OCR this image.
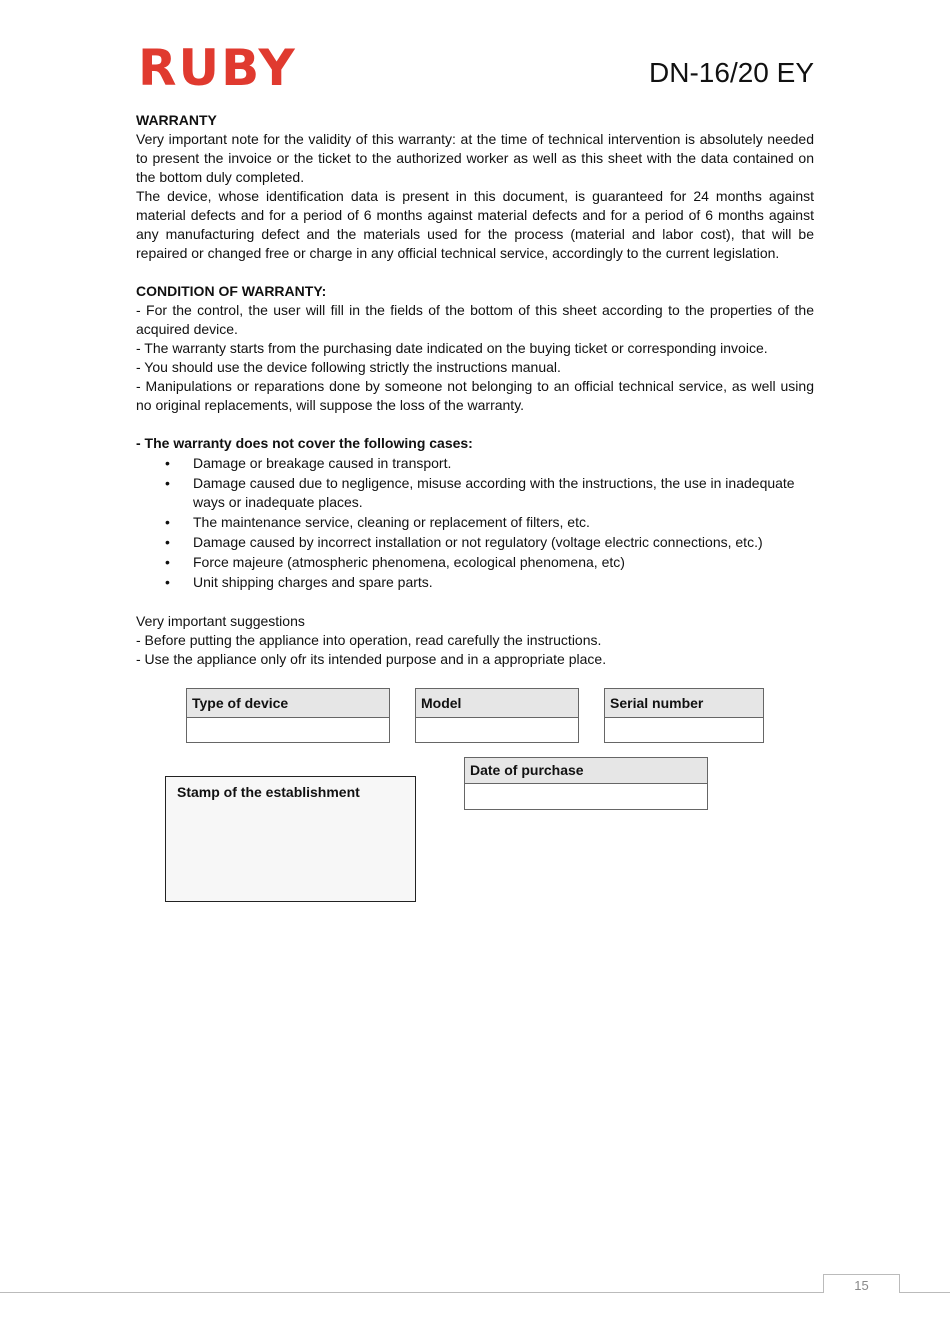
RUBY	DN-16/20 EY

WARRANTY

Very important note for the validity of this warranty: at the time of technical intervention is absolutely needed to present the invoice or the ticket to the authorized worker as well as this sheet with the data contained on the bottom duly completed.

The device, whose identification data is present in this document, is guaranteed for 24 months against material defects and for a period of 6 months against material defects and for a period of 6 months against any manufacturing defect and the materials used for the process (material and labor cost), that will be repaired or changed free or charge in any official technical service, accordingly to the current legislation.

CONDITION OF WARRANTY:

- For the control, the user will fill in the fields of the bottom of this sheet according to the properties of the acquired device.

- The warranty starts from the purchasing date indicated on the buying ticket or corresponding invoice.

- You should use the device following strictly the instructions manual.

- Manipulations or reparations done by someone not belonging to an official technical service, as well using no original replacements, will suppose the loss of the warranty.

- The warranty does not cover the following cases:

• Damage or breakage caused in transport.
• Damage caused due to negligence, misuse according with the instructions, the use in inadequate ways or inadequate places.
• The maintenance service, cleaning or replacement of filters, etc.
• Damage caused by incorrect installation or not regulatory (voltage electric connections, etc.)
• Force majeure (atmospheric phenomena, ecological phenomena, etc)
• Unit shipping charges and spare parts.

Very important suggestions

- Before putting the appliance into operation, read carefully the instructions.

- Use the appliance only ofr its intended purpose and in a appropriate place.

Type of device	Model	Serial number
Date of purchase
Stamp of the establishment
15
